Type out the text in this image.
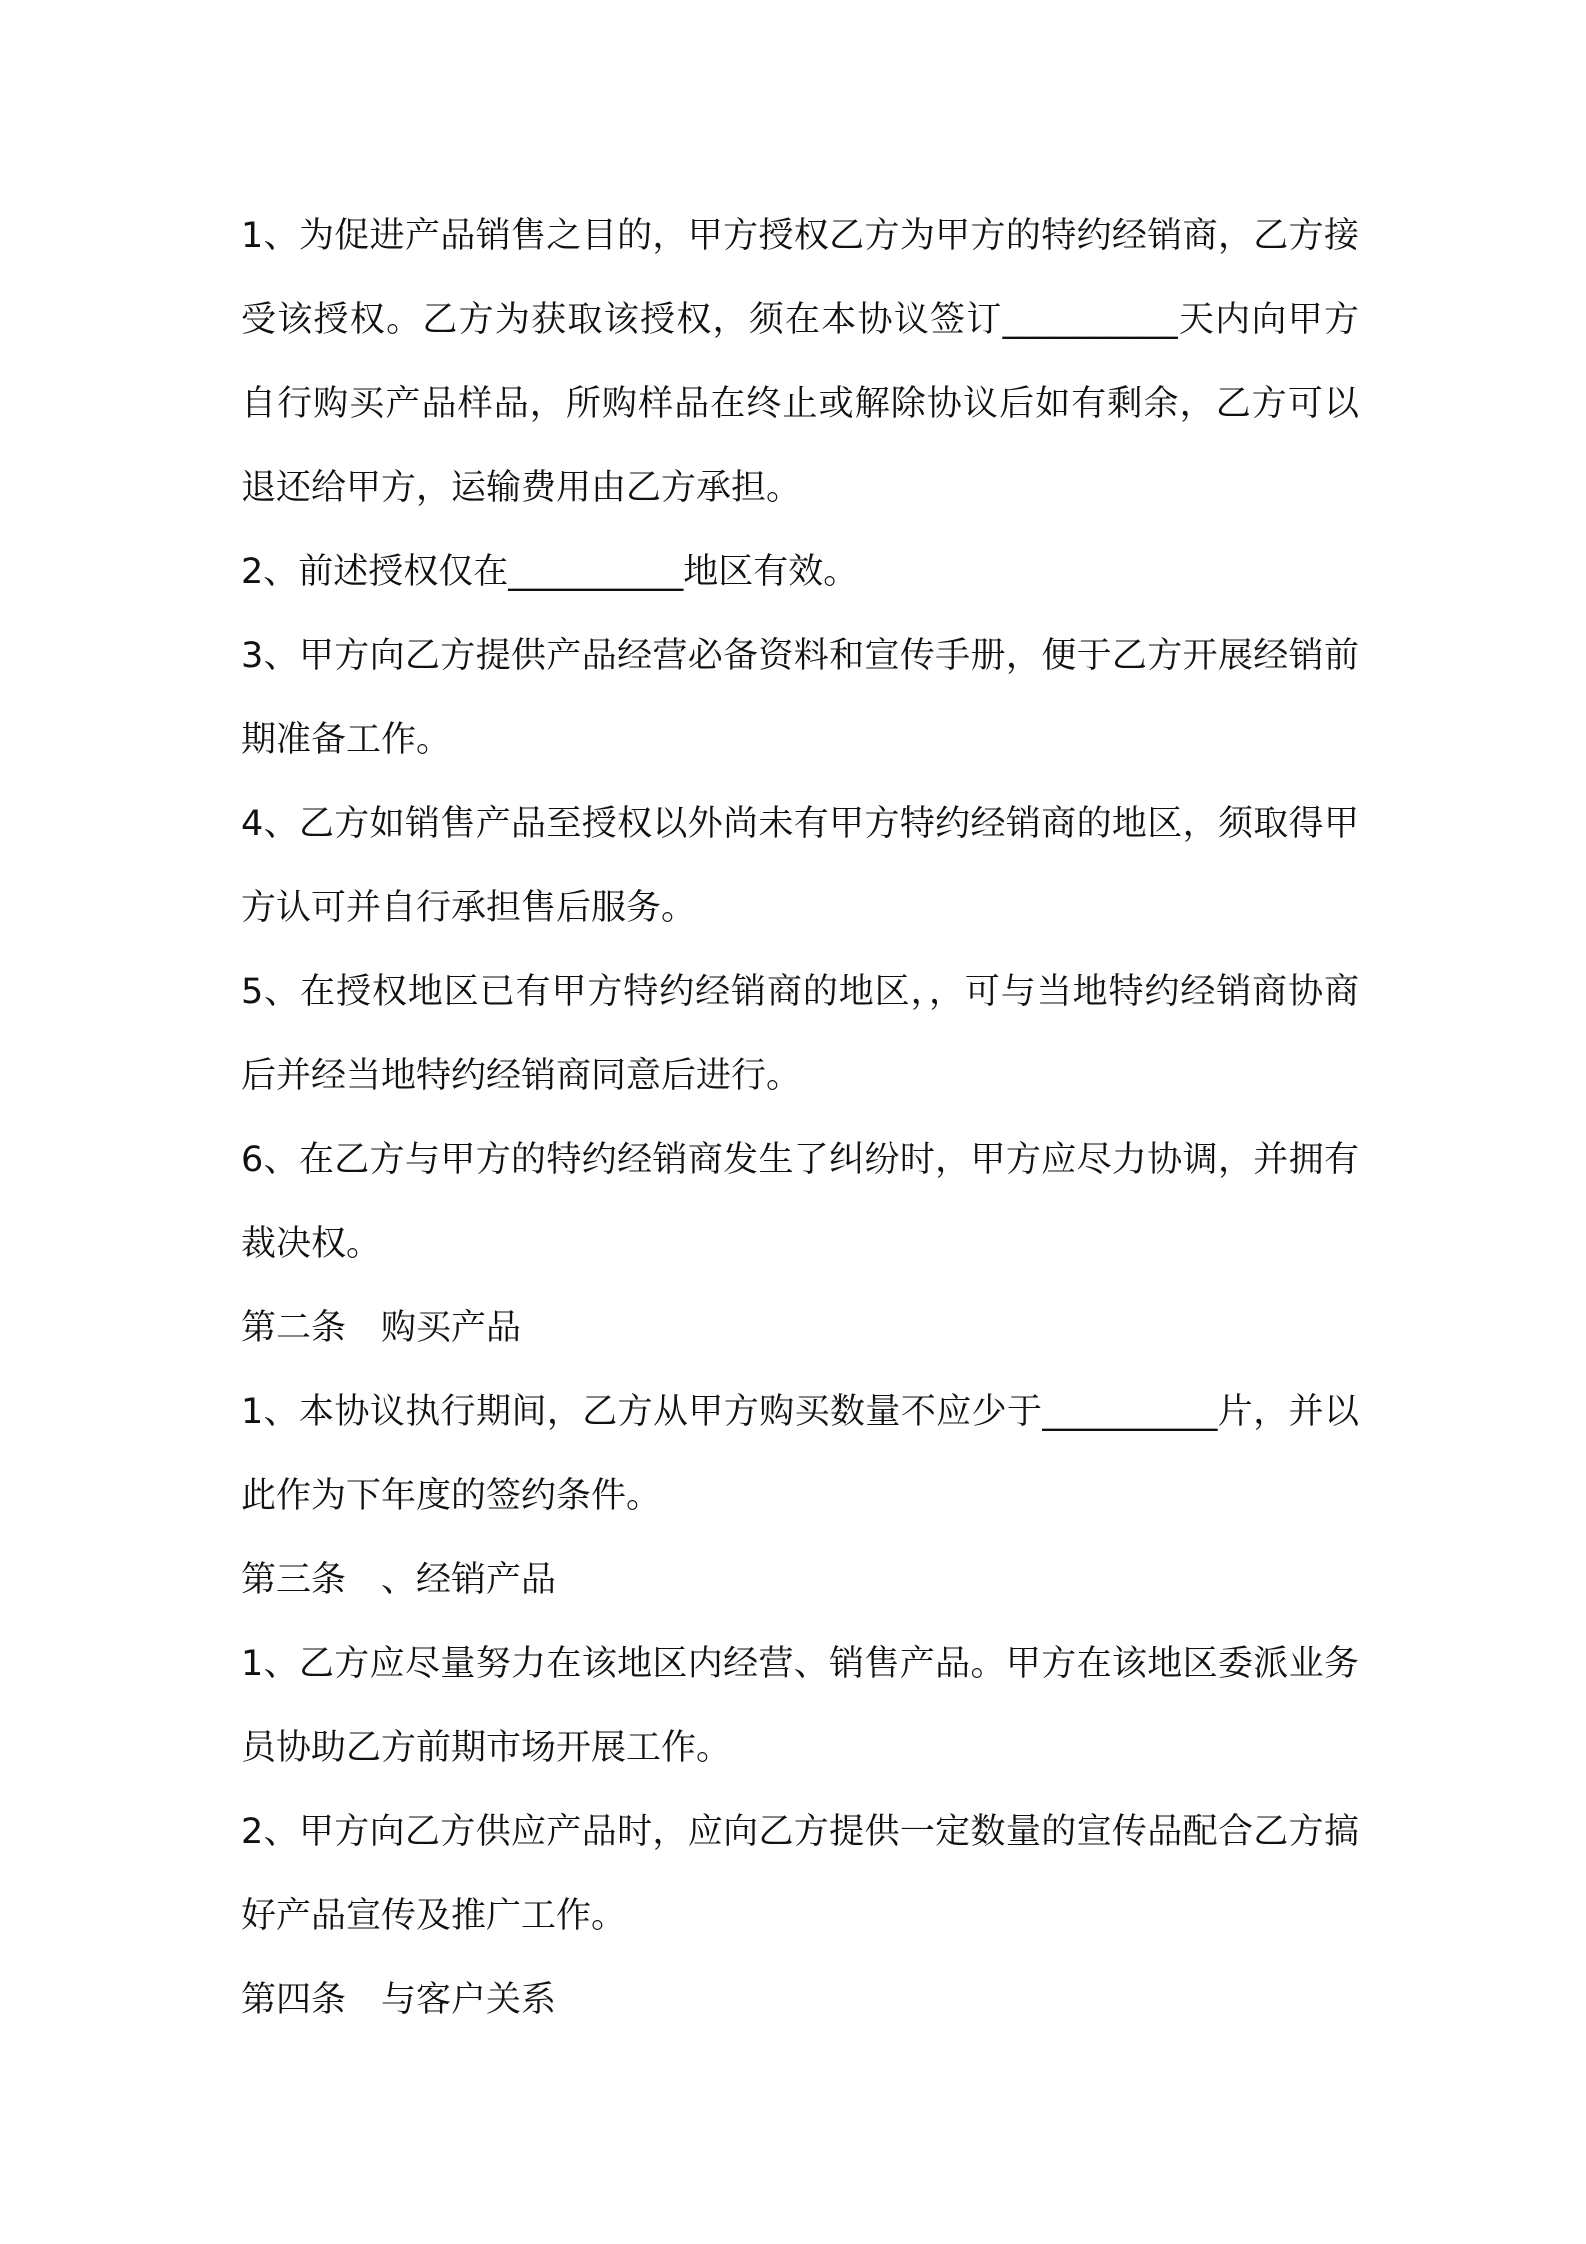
1、为促进产品销售之目的，甲方授权乙方为甲方的特约经销商，乙方接受该授权。乙方为获取该授权，须在本协议签订__________天内向甲方自行购买产品样品，所购样品在终止或解除协议后如有剩余，乙方可以退还给甲方，运输费用由乙方承担。

2、前述授权仅在__________地区有效。

3、甲方向乙方提供产品经营必备资料和宣传手册，便于乙方开展经销前期准备工作。

4、乙方如销售产品至授权以外尚未有甲方特约经销商的地区，须取得甲方认可并自行承担售后服务。

5、在授权地区已有甲方特约经销商的地区，，可与当地特约经销商协商后并经当地特约经销商同意后进行。

6、在乙方与甲方的特约经销商发生了纠纷时，甲方应尽力协调，并拥有裁决权。

第二条　购买产品

1、本协议执行期间，乙方从甲方购买数量不应少于__________片，并以此作为下年度的签约条件。

第三条　、经销产品

1、乙方应尽量努力在该地区内经营、销售产品。甲方在该地区委派业务员协助乙方前期市场开展工作。

2、甲方向乙方供应产品时，应向乙方提供一定数量的宣传品配合乙方搞好产品宣传及推广工作。

第四条　与客户关系
